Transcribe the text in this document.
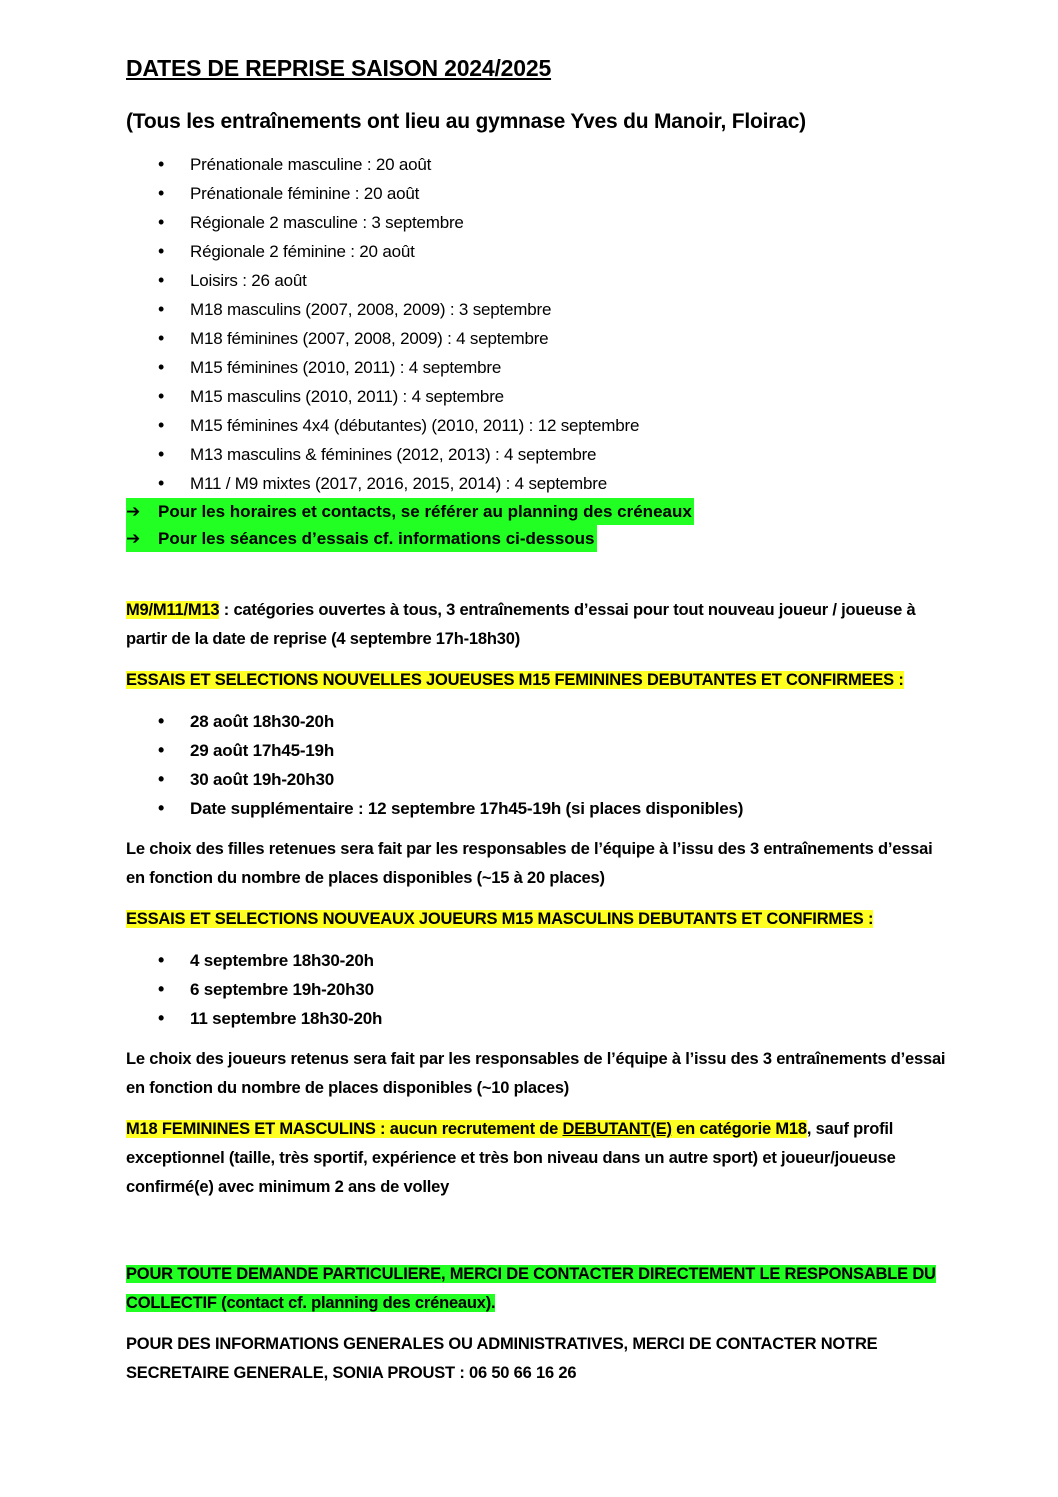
DATES DE REPRISE SAISON 2024/2025
(Tous les entraînements ont lieu au gymnase Yves du Manoir, Floirac)
• Prénationale masculine : 20 août
• Prénationale féminine : 20 août
• Régionale 2 masculine : 3 septembre
• Régionale 2 féminine : 20 août
• Loisirs : 26 août
• M18 masculins (2007, 2008, 2009) : 3 septembre
• M18 féminines (2007, 2008, 2009) : 4 septembre
• M15 féminines (2010, 2011) : 4 septembre
• M15 masculins (2010, 2011) : 4 septembre
• M15 féminines 4x4 (débutantes) (2010, 2011) : 12 septembre
• M13 masculins & féminines (2012, 2013) : 4 septembre
• M11 / M9 mixtes (2017, 2016, 2015, 2014) : 4 septembre
➔ Pour les horaires et contacts, se référer au planning des créneaux
➔ Pour les séances d’essais cf. informations ci-dessous

M9/M11/M13 : catégories ouvertes à tous, 3 entraînements d’essai pour tout nouveau joueur / joueuse à partir de la date de reprise (4 septembre 17h-18h30)

ESSAIS ET SELECTIONS NOUVELLES JOUEUSES M15 FEMININES DEBUTANTES ET CONFIRMEES :

• 28 août 18h30-20h
• 29 août 17h45-19h
• 30 août 19h-20h30
• Date supplémentaire : 12 septembre 17h45-19h (si places disponibles)

Le choix des filles retenues sera fait par les responsables de l’équipe à l’issu des 3 entraînements d’essai en fonction du nombre de places disponibles (~15 à 20 places)

ESSAIS ET SELECTIONS NOUVEAUX JOUEURS M15 MASCULINS DEBUTANTS ET CONFIRMES :

• 4 septembre 18h30-20h
• 6 septembre 19h-20h30
• 11 septembre 18h30-20h

Le choix des joueurs retenus sera fait par les responsables de l’équipe à l’issu des 3 entraînements d’essai en fonction du nombre de places disponibles (~10 places)

M18 FEMININES ET MASCULINS : aucun recrutement de DEBUTANT(E) en catégorie M18, sauf profil exceptionnel (taille, très sportif, expérience et très bon niveau dans un autre sport) et joueur/joueuse confirmé(e) avec minimum 2 ans de volley

POUR TOUTE DEMANDE PARTICULIERE, MERCI DE CONTACTER DIRECTEMENT LE RESPONSABLE DU COLLECTIF (contact cf. planning des créneaux).

POUR DES INFORMATIONS GENERALES OU ADMINISTRATIVES, MERCI DE CONTACTER NOTRE SECRETAIRE GENERALE, SONIA PROUST : 06 50 66 16 26
